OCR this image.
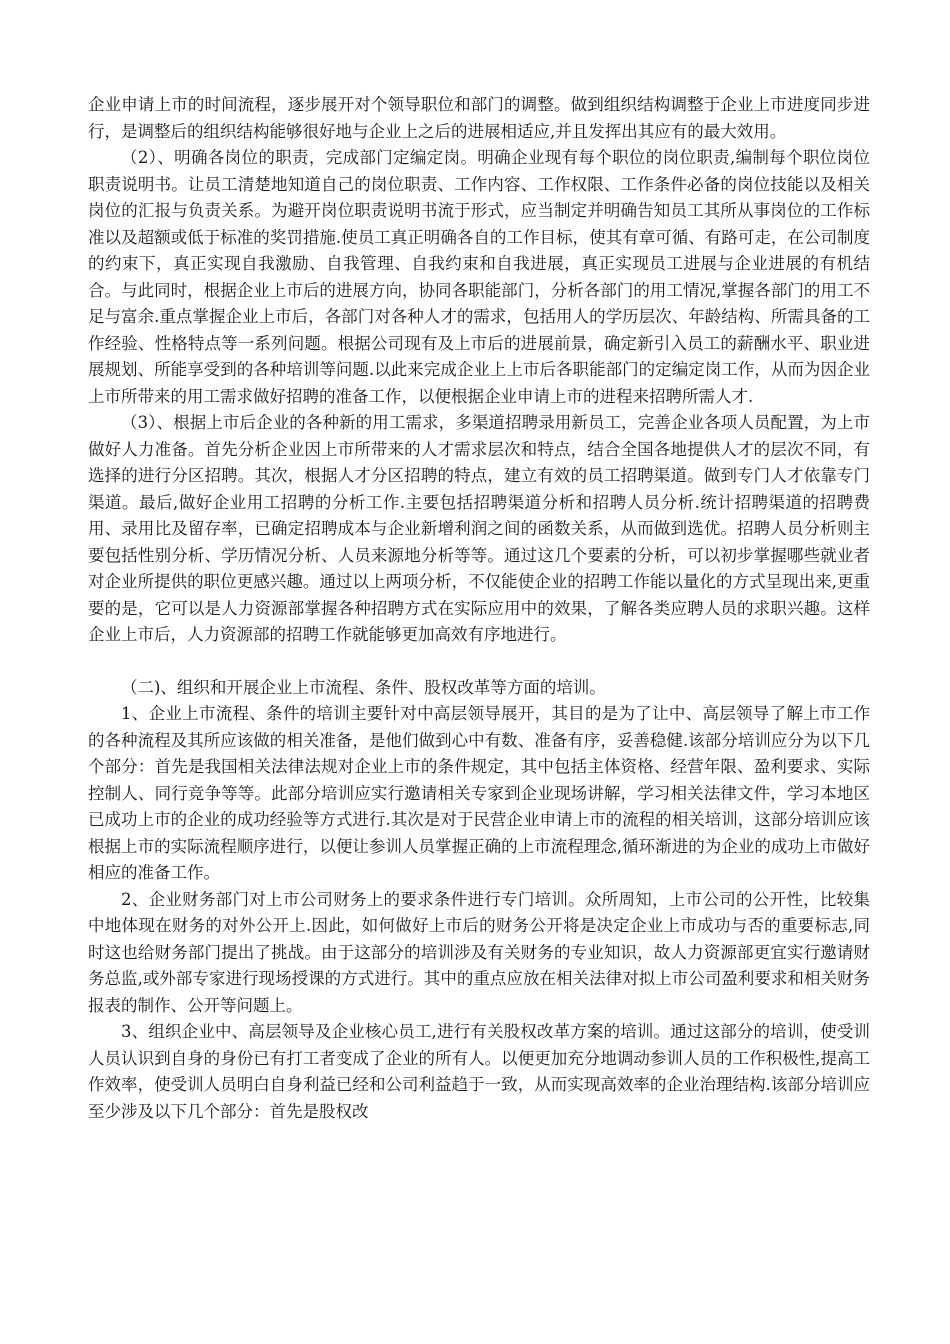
企业申请上市的时间流程，逐步展开对个领导职位和部门的调整。做到组织结构调整于企业上市进度同步进行，是调整后的组织结构能够很好地与企业上之后的进展相适应,并且发挥出其应有的最大效用。

（2）、明确各岗位的职责，完成部门定编定岗。明确企业现有每个职位的岗位职责,编制每个职位岗位职责说明书。让员工清楚地知道自己的岗位职责、工作内容、工作权限、工作条件必备的岗位技能以及相关岗位的汇报与负责关系。为避开岗位职责说明书流于形式，应当制定并明确告知员工其所从事岗位的工作标准以及超额或低于标准的奖罚措施.使员工真正明确各自的工作目标，使其有章可循、有路可走，在公司制度的约束下，真正实现自我激励、自我管理、自我约束和自我进展，真正实现员工进展与企业进展的有机结合。与此同时，根据企业上市后的进展方向，协同各职能部门，分析各部门的用工情况,掌握各部门的用工不足与富余.重点掌握企业上市后，各部门对各种人才的需求，包括用人的学历层次、年龄结构、所需具备的工作经验、性格特点等一系列问题。根据公司现有及上市后的进展前景，确定新引入员工的薪酬水平、职业进展规划、所能享受到的各种培训等问题.以此来完成企业上上市后各职能部门的定编定岗工作，从而为因企业上市所带来的用工需求做好招聘的准备工作，以便根据企业申请上市的进程来招聘所需人才.

（3）、根据上市后企业的各种新的用工需求，多渠道招聘录用新员工，完善企业各项人员配置，为上市做好人力准备。首先分析企业因上市所带来的人才需求层次和特点，结合全国各地提供人才的层次不同，有选择的进行分区招聘。其次，根据人才分区招聘的特点，建立有效的员工招聘渠道。做到专门人才依靠专门渠道。最后,做好企业用工招聘的分析工作.主要包括招聘渠道分析和招聘人员分析.统计招聘渠道的招聘费用、录用比及留存率，已确定招聘成本与企业新增利润之间的函数关系，从而做到选优。招聘人员分析则主要包括性别分析、学历情况分析、人员来源地分析等等。通过这几个要素的分析，可以初步掌握哪些就业者对企业所提供的职位更感兴趣。通过以上两项分析，不仅能使企业的招聘工作能以量化的方式呈现出来,更重要的是，它可以是人力资源部掌握各种招聘方式在实际应用中的效果，了解各类应聘人员的求职兴趣。这样企业上市后，人力资源部的招聘工作就能够更加高效有序地进行。

（二)、组织和开展企业上市流程、条件、股权改革等方面的培训。

1、企业上市流程、条件的培训主要针对中高层领导展开，其目的是为了让中、高层领导了解上市工作的各种流程及其所应该做的相关准备，是他们做到心中有数、准备有序，妥善稳健.该部分培训应分为以下几个部分：首先是我国相关法律法规对企业上市的条件规定，其中包括主体资格、经营年限、盈利要求、实际控制人、同行竞争等等。此部分培训应实行邀请相关专家到企业现场讲解，学习相关法律文件，学习本地区已成功上市的企业的成功经验等方式进行.其次是对于民营企业申请上市的流程的相关培训，这部分培训应该根据上市的实际流程顺序进行，以便让参训人员掌握正确的上市流程理念,循环渐进的为企业的成功上市做好相应的准备工作。

2、企业财务部门对上市公司财务上的要求条件进行专门培训。众所周知，上市公司的公开性，比较集中地体现在财务的对外公开上.因此，如何做好上市后的财务公开将是决定企业上市成功与否的重要标志,同时这也给财务部门提出了挑战。由于这部分的培训涉及有关财务的专业知识，故人力资源部更宜实行邀请财务总监,或外部专家进行现场授课的方式进行。其中的重点应放在相关法律对拟上市公司盈利要求和相关财务报表的制作、公开等问题上。

3、组织企业中、高层领导及企业核心员工,进行有关股权改革方案的培训。通过这部分的培训，使受训人员认识到自身的身份已有打工者变成了企业的所有人。以便更加充分地调动参训人员的工作积极性,提高工作效率，使受训人员明白自身利益已经和公司利益趋于一致，从而实现高效率的企业治理结构.该部分培训应至少涉及以下几个部分：首先是股权改
